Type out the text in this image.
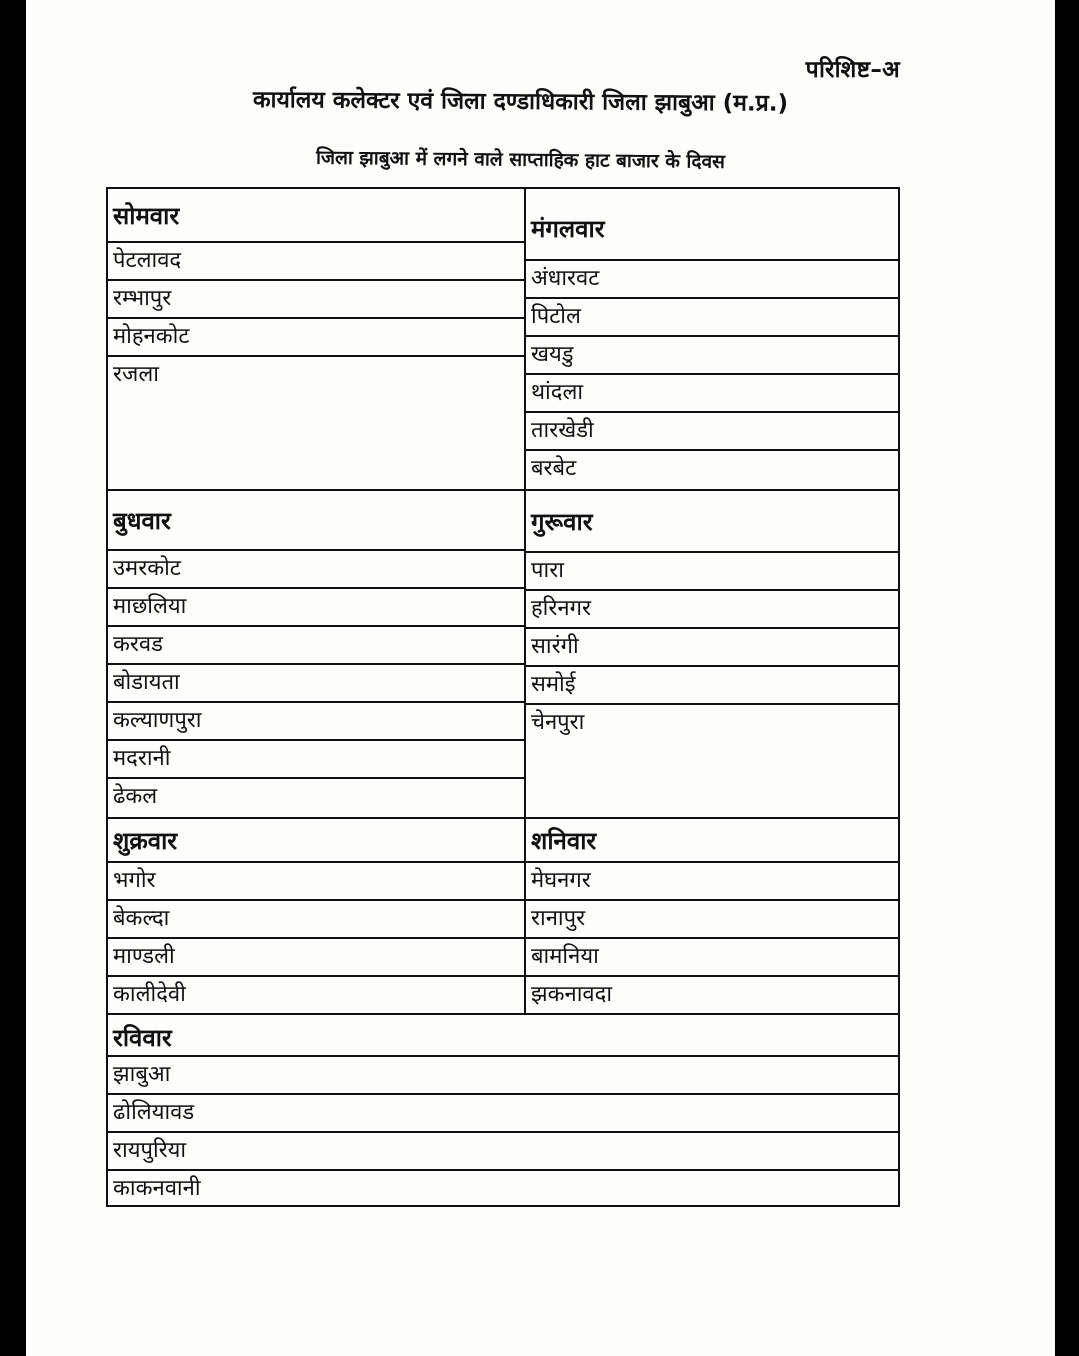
परिशिष्ट–अ
कार्यालय कलेक्टर एवं जिला दण्डाधिकारी जिला झाबुआ (म.प्र.)
जिला झाबुआ में लगने वाले साप्ताहिक हाट बाजार के दिवस
सोमवार
पेटलावद
रम्भापुर
मोहनकोट
रजला
मंगलवार
अंधारवट
पिटोल
खयडु
थांदला
तारखेडी
बरबेट
बुधवार
उमरकोट
माछलिया
करवड
बोडायता
कल्याणपुरा
मदरानी
ढेकल
गुरूवार
पारा
हरिनगर
सारंगी
समोई
चेनपुरा
शुक्रवार
भगोर
बेकल्दा
माण्डली
कालीदेवी
शनिवार
मेघनगर
रानापुर
बामनिया
झकनावदा
रविवार
झाबुआ
ढोलियावड
रायपुरिया
काकनवानी
